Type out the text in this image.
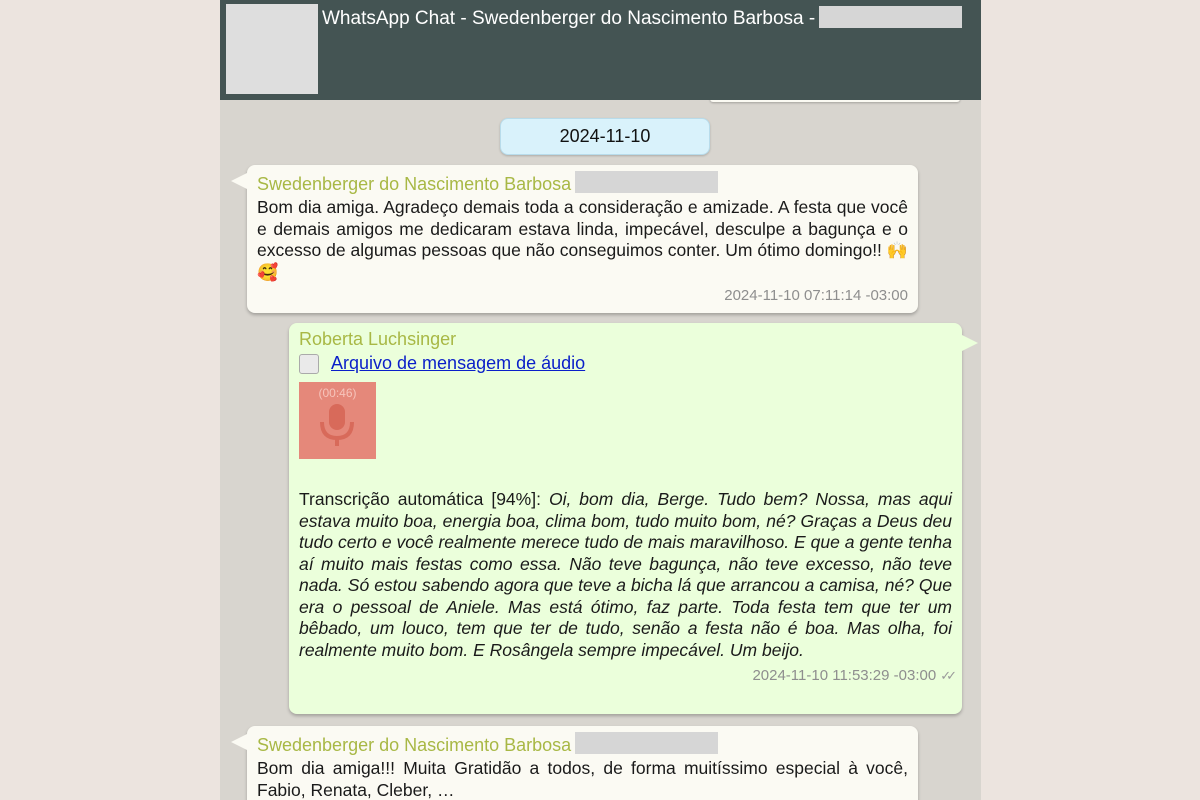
WhatsApp Chat - Swedenberger do Nascimento Barbosa -
2024-11-10
Swedenberger do Nascimento Barbosa
Bom dia amiga. Agradeço demais toda a consideração e amizade. A festa que você e demais amigos me dedicaram estava linda, impecável, desculpe a bagunça e o excesso de algumas pessoas que não conseguimos conter. Um ótimo domingo!! 🙌🥰
2024-11-10 07:11:14 -03:00
Roberta Luchsinger
Arquivo de mensagem de áudio
(00:46)
Transcrição automática [94%]: Oi, bom dia, Berge. Tudo bem? Nossa, mas aqui estava muito boa, energia boa, clima bom, tudo muito bom, né? Graças a Deus deu tudo certo e você realmente merece tudo de mais maravilhoso. E que a gente tenha aí muito mais festas como essa. Não teve bagunça, não teve excesso, não teve nada. Só estou sabendo agora que teve a bicha lá que arrancou a camisa, né? Que era o pessoal de Aniele. Mas está ótimo, faz parte. Toda festa tem que ter um bêbado, um louco, tem que ter de tudo, senão a festa não é boa. Mas olha, foi realmente muito bom. E Rosângela sempre impecável. Um beijo.
2024-11-10 11:53:29 -03:00 ✓✓
Swedenberger do Nascimento Barbosa
Bom dia amiga!!! Muita Gratidão a todos, de forma muitíssimo especial à você, Fabio, Renata, Cleber, …
